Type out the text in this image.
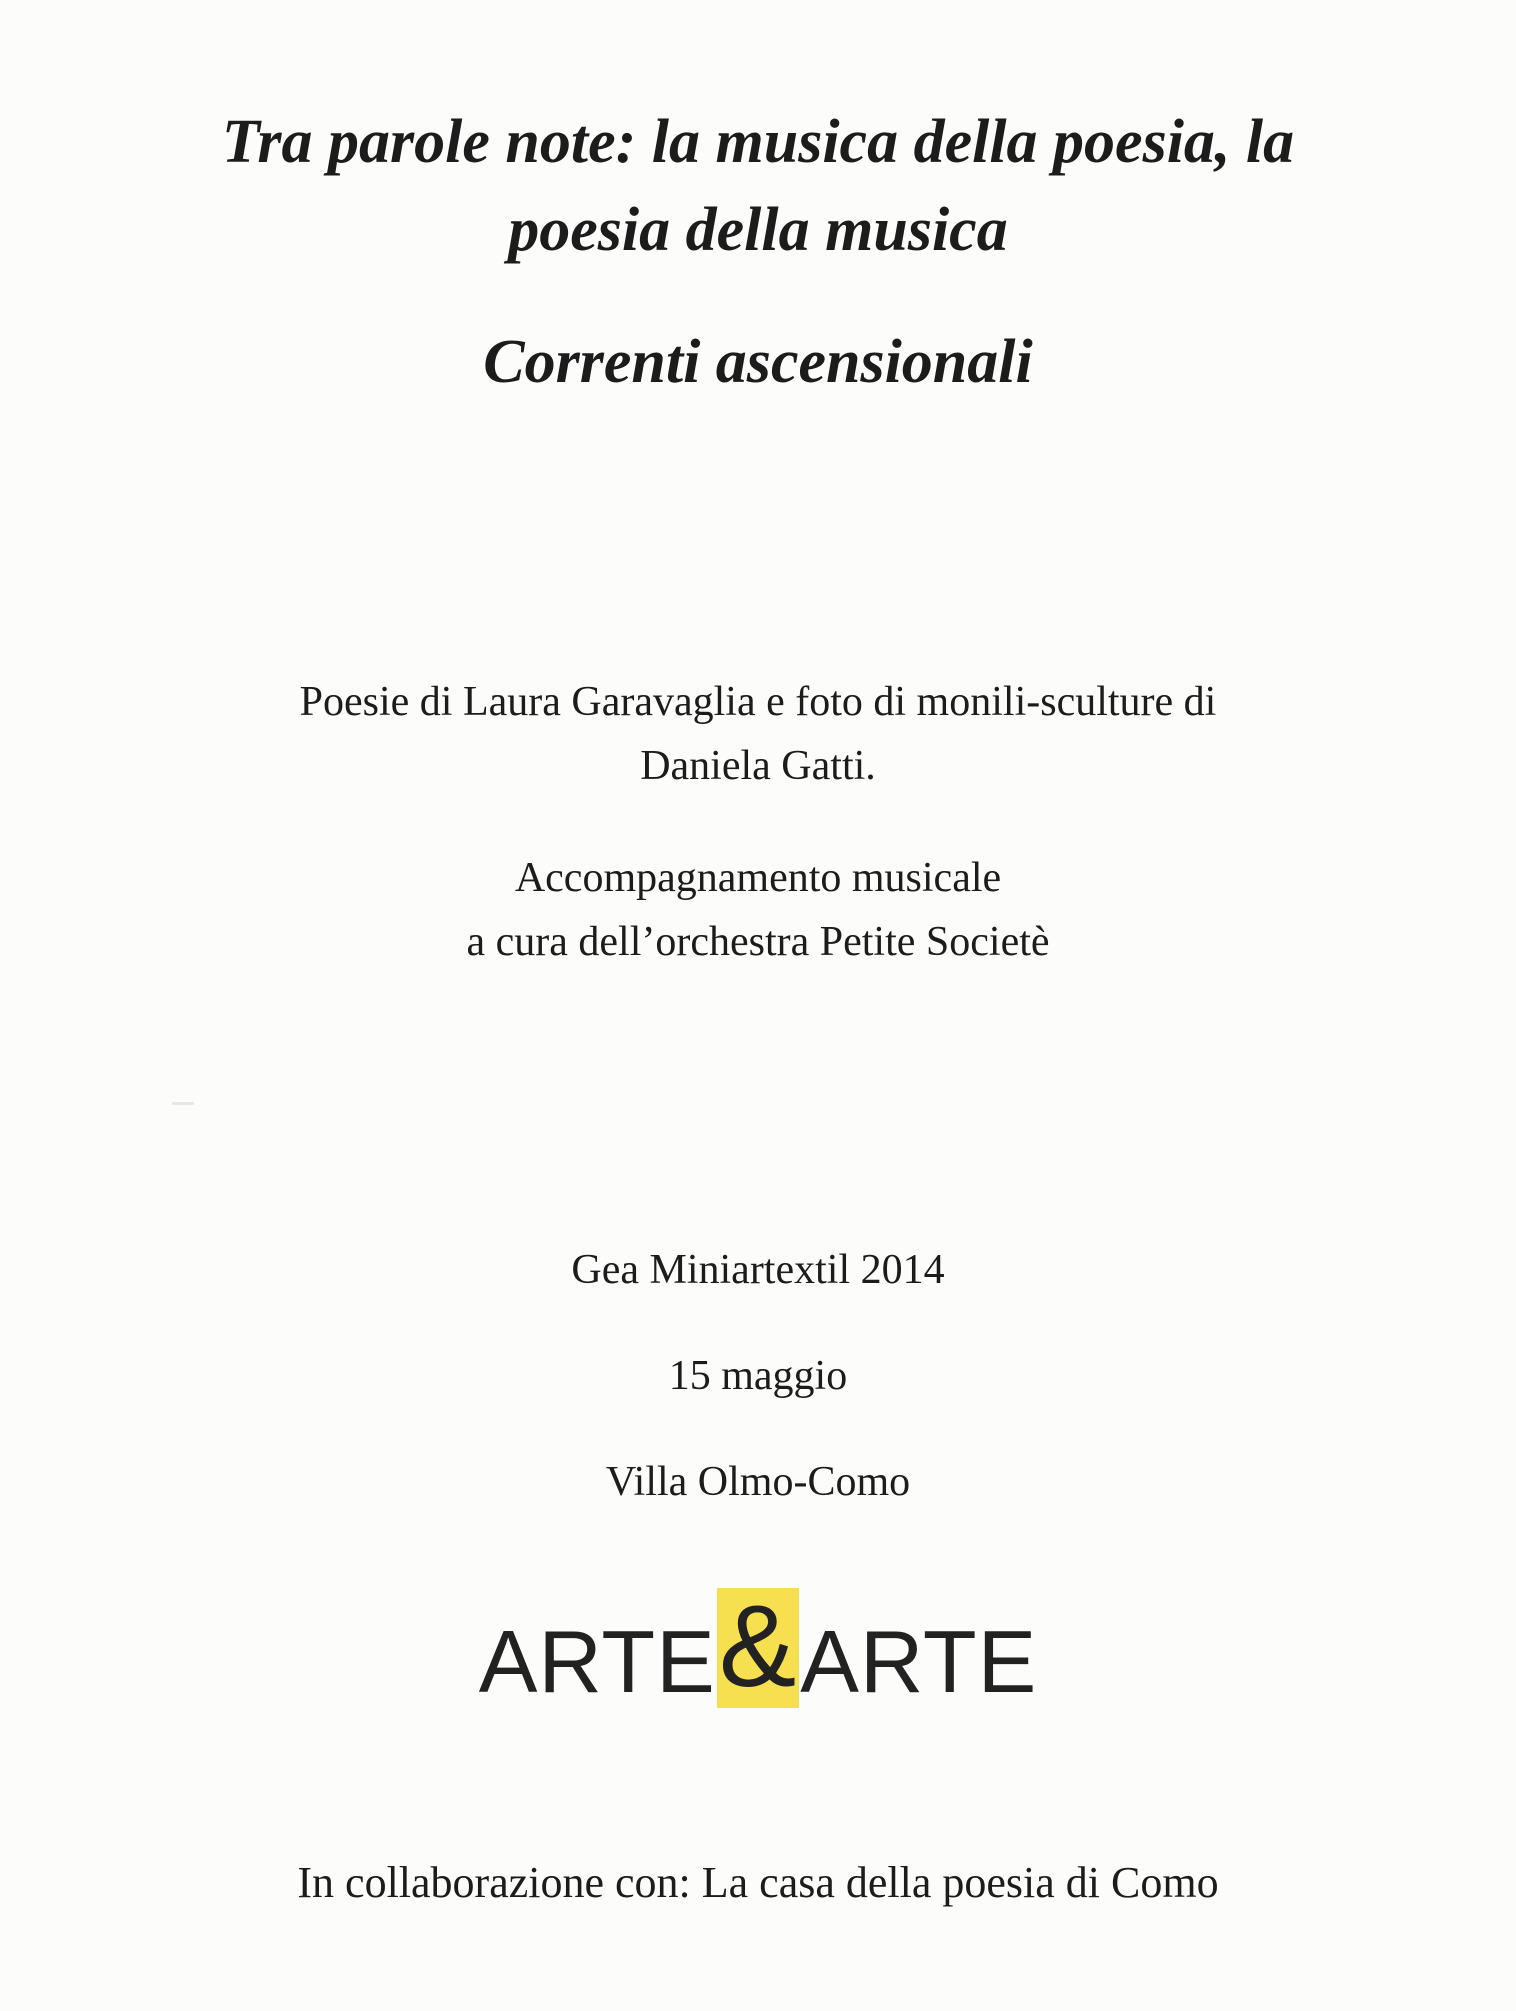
Tra parole note: la musica della poesia, la
poesia della musica
Correnti ascensionali
Poesie di Laura Garavaglia e foto di monili-sculture di
Daniela Gatti.
Accompagnamento musicale
a cura dell’orchestra Petite Societè
Gea Miniartextil 2014
15 maggio
Villa Olmo-Como
ARTE&ARTE
In collaborazione con: La casa della poesia di Como
